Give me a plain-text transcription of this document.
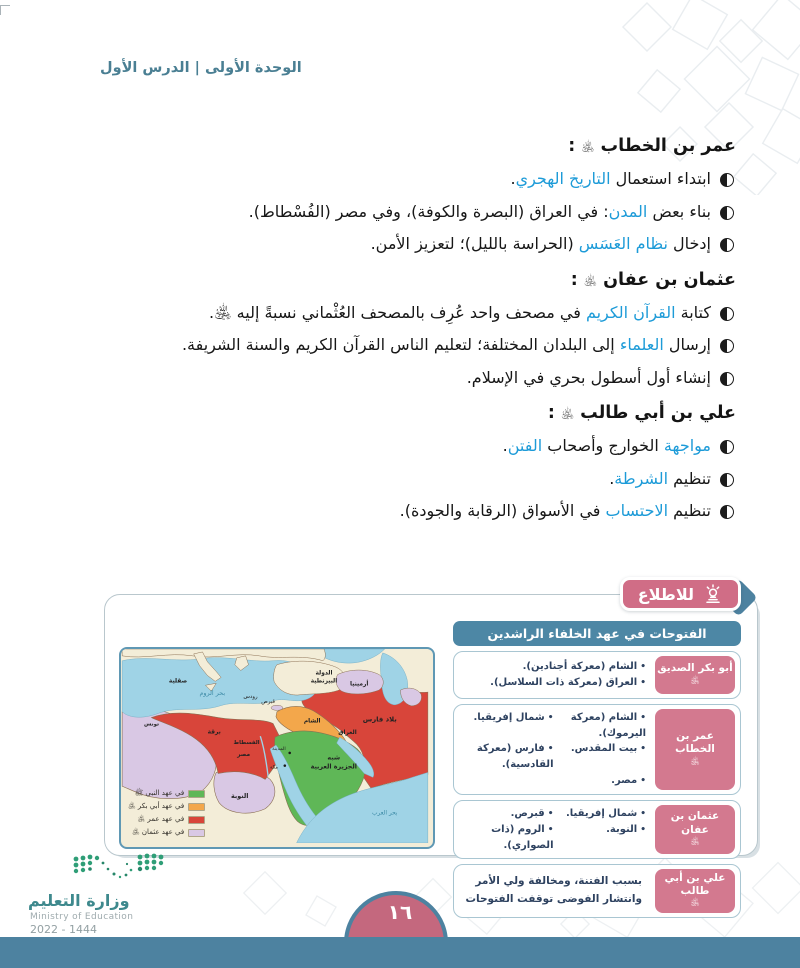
الوحدة الأولى | الدرس الأول
عمر بن الخطاب ﵁ :

ابتداء استعمال التاريخ الهجري.

بناء بعض المدن: في العراق (البصرة والكوفة)، وفي مصر (الفُسْطاط).

إدخال نظام العَسَس (الحراسة بالليل)؛ لتعزيز الأمن.

عثمان بن عفان ﵁ :

كتابة القرآن الكريم في مصحف واحد عُرِف بالمصحف العُثْماني نسبةً إليه ﵁.

إرسال العلماء إلى البلدان المختلفة؛ لتعليم الناس القرآن الكريم والسنة الشريفة.

إنشاء أول أسطول بحري في الإسلام.

علي بن أبي طالب ﵁ :

مواجهة الخوارج وأصحاب الفتن.

تنظيم الشرطة.

تنظيم الاحتساب في الأسواق (الرقابة والجودة).

للاطلاع
بحر الروم
بحر العرب
صقلية
رودس
قبرص
الدولة
البيزنطية أرمينيا
بلاد فارس
العراق
الشام
برقة
الفسطاط
مصر
تونس
النوبة
شبه
الجزيرة العربية
المدينة
مكة
في عهد النبي ﷺ
في عهد أبي بكر ﵁
في عهد عمر ﵁
في عهد عثمان ﵁
الفتوحات في عهد الخلفاء الراشدين
أبو بكر الصديق
﵁
•الشام (معركة أجنادين).
•العراق (معركة ذات السلاسل).
عمر بن الخطاب
﵁
•الشام (معركة اليرموك).
•شمال إفريقيا.
•بيت المقدس.
•فارس (معركة القادسية).
•مصر.
عثمان بن عفان
﵁
•شمال إفريقيا.
•قبرص.
•النوبة.
•الروم (ذات الصواري).
علي بن أبي طالب
﵁
بسبب الفتنة، ومخالفة ولي الأمر وانتشار الفوضى توقفت الفتوحات
وزارة التعليم
Ministry of Education
2022 - 1444
١٦
